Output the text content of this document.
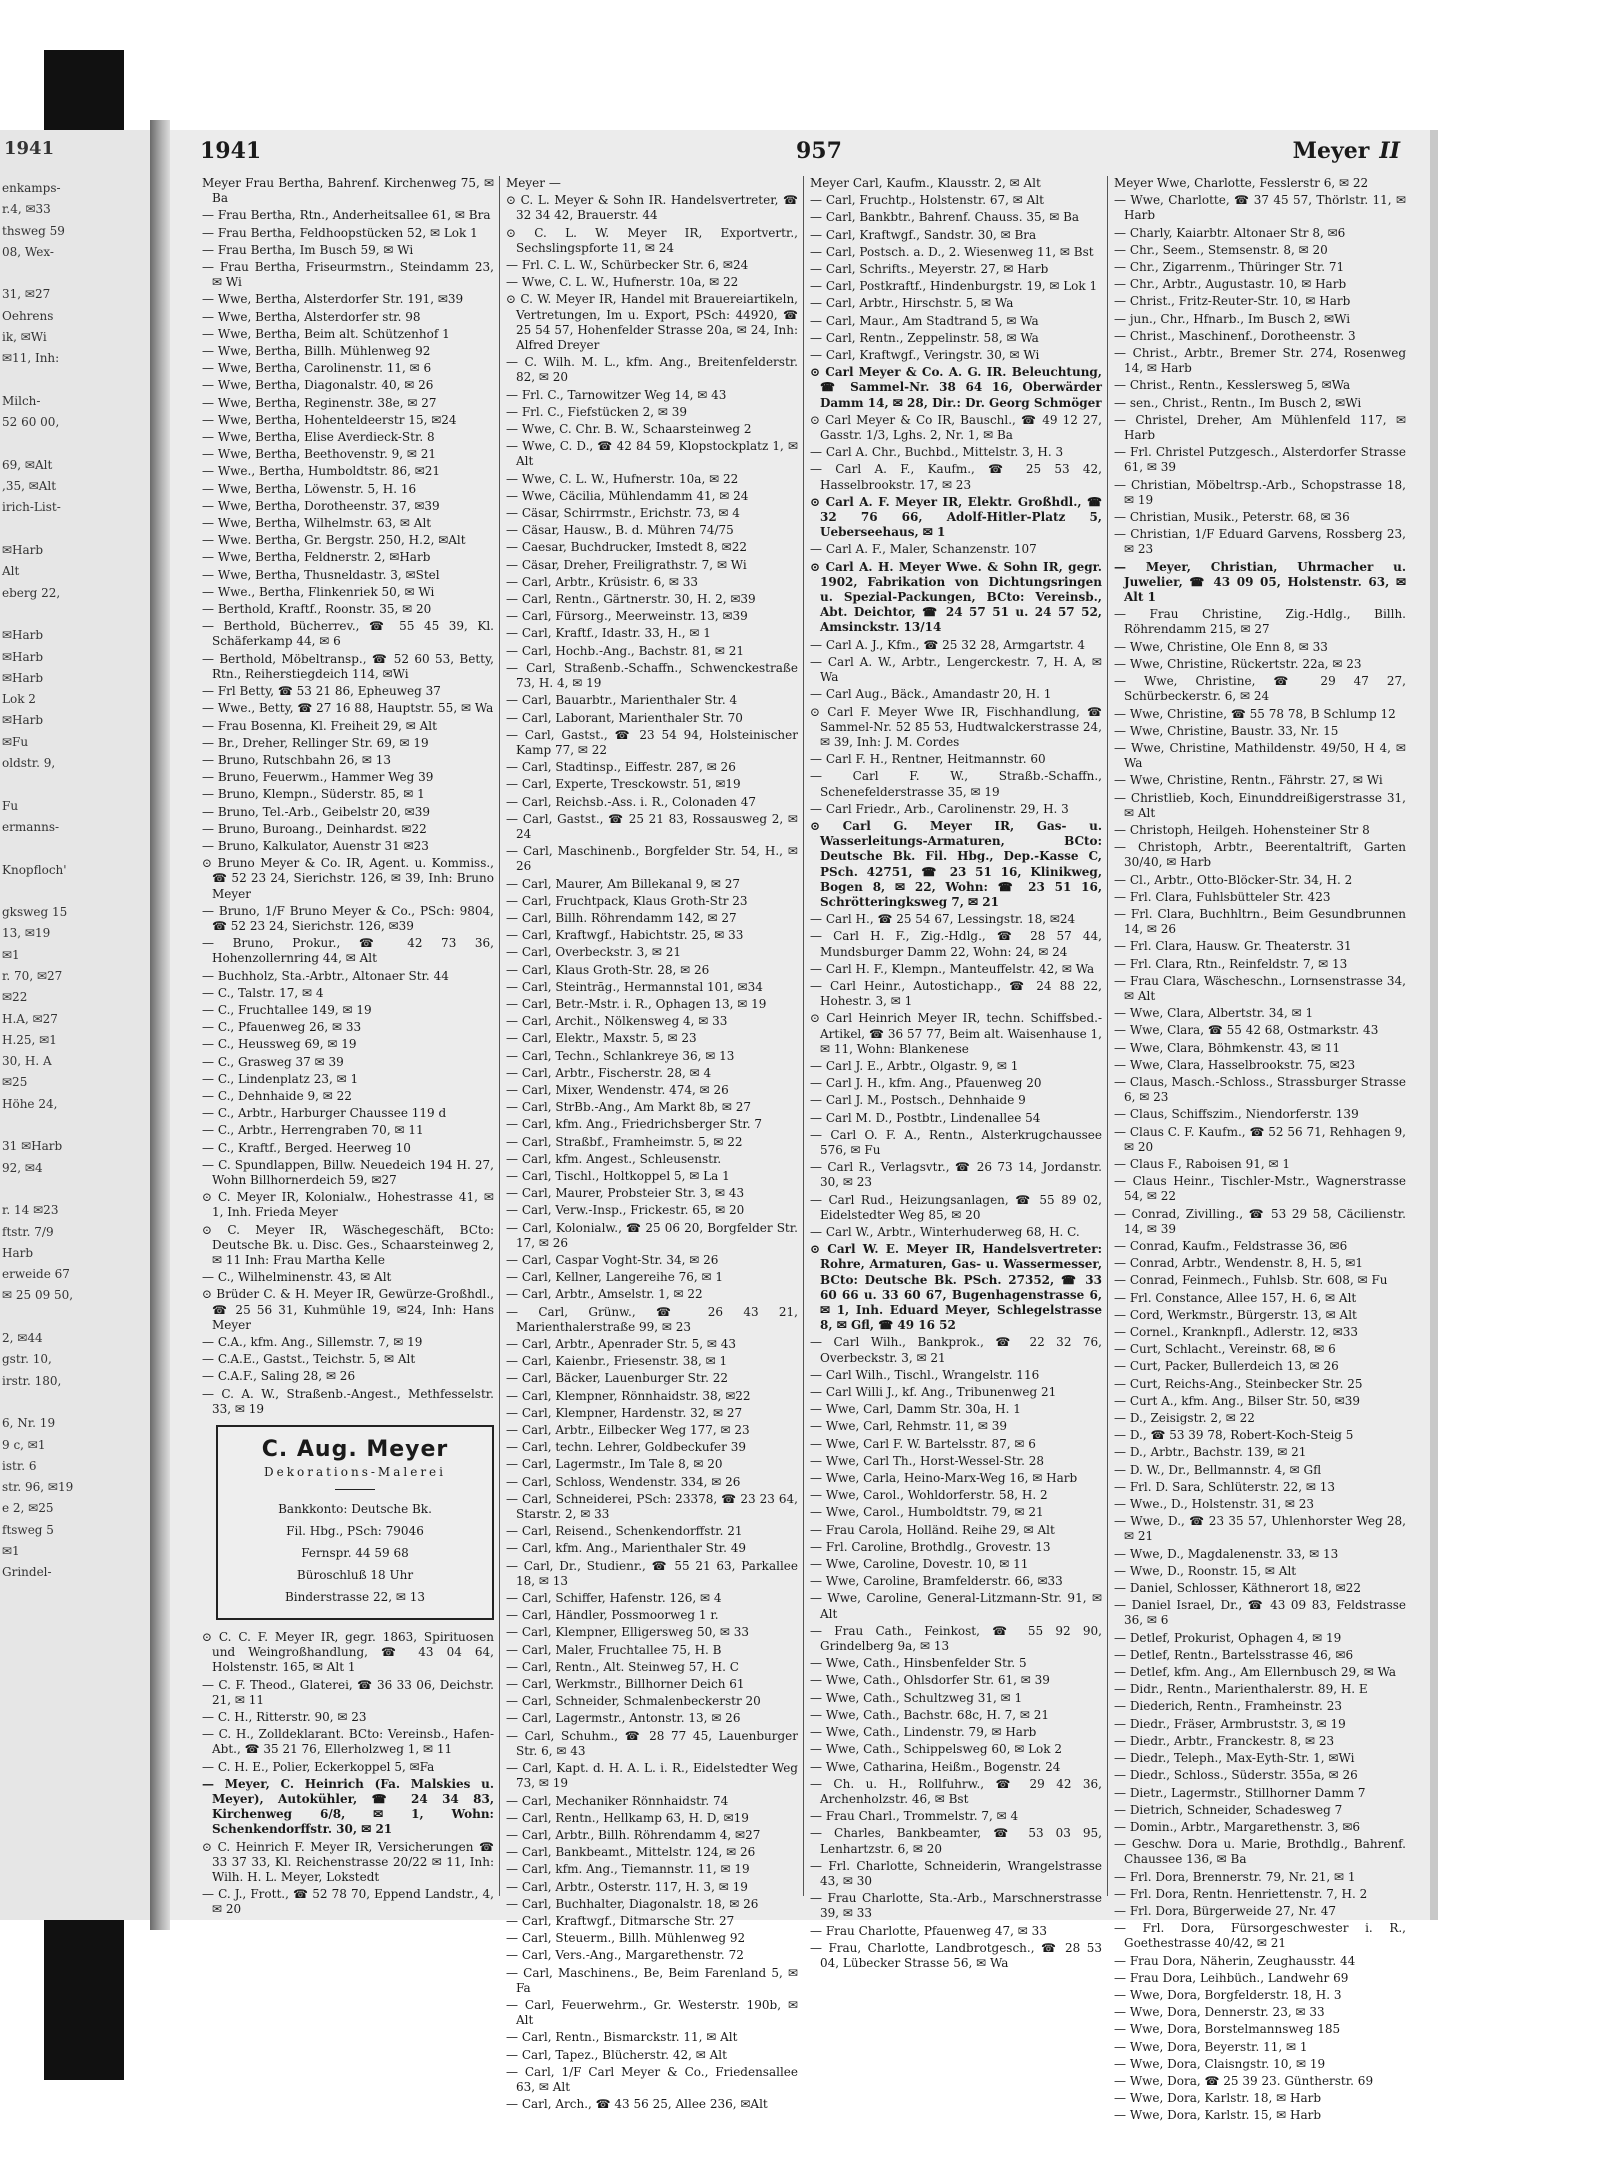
1941
enkamps-
r.4, ✉33
thsweg 59
08, Wex-

31, ✉27
Oehrens
ik, ✉Wi
✉11, Inh:

Milch-
52 60 00,

69, ✉Alt
,35, ✉Alt
irich-List-

✉Harb
Alt
eberg 22,

✉Harb
✉Harb
✉Harb
Lok 2
✉Harb
✉Fu
oldstr. 9,

Fu
ermanns-

Knopfloch'

gksweg 15
13, ✉19
✉1
r. 70, ✉27
✉22
H.A, ✉27
H.25, ✉1
30, H. A
✉25
Höhe 24,

31 ✉Harb
92, ✉4

r. 14 ✉23
ftstr. 7/9
Harb
erweide 67
✉ 25 09 50,

2, ✉44
gstr. 10,
irstr. 180,

6, Nr. 19
9 c, ✉1
istr. 6
str. 96, ✉19
e 2, ✉25
ftsweg 5
✉1
Grindel-
1941	957	Meyer II
Meyer Frau Bertha, Bahrenf. Kirchenweg 75, ✉ Ba
— Frau Bertha, Rtn., Anderheitsallee 61, ✉ Bra
— Frau Bertha, Feldhoopstücken 52, ✉ Lok 1
— Frau Bertha, Im Busch 59, ✉ Wi
— Frau Bertha, Friseurmstrn., Steindamm 23, ✉ Wi
— Wwe, Bertha, Alsterdorfer Str. 191, ✉39
— Wwe, Bertha, Alsterdorfer str. 98
— Wwe, Bertha, Beim alt. Schützenhof 1
— Wwe, Bertha, Billh. Mühlenweg 92
— Wwe, Bertha, Carolinenstr. 11, ✉ 6
— Wwe, Bertha, Diagonalstr. 40, ✉ 26
— Wwe, Bertha, Reginenstr. 38e, ✉ 27
— Wwe, Bertha, Hohenteldeerstr 15, ✉24
— Wwe, Bertha, Elise Averdieck-Str. 8
— Wwe, Bertha, Beethovenstr. 9, ✉ 21
— Wwe., Bertha, Humboldtstr. 86, ✉21
— Wwe, Bertha, Löwenstr. 5, H. 16
— Wwe, Bertha, Dorotheenstr. 37, ✉39
— Wwe, Bertha, Wilhelmstr. 63, ✉ Alt
— Wwe. Bertha, Gr. Bergstr. 250, H.2, ✉Alt
— Wwe, Bertha, Feldnerstr. 2, ✉Harb
— Wwe, Bertha, Thusneldastr. 3, ✉Stel
— Wwe., Bertha, Flinkenriek 50, ✉ Wi
— Berthold, Kraftf., Roonstr. 35, ✉ 20
— Berthold, Bücherrev., ☎ 55 45 39, Kl. Schäferkamp 44, ✉ 6
— Berthold, Möbeltransp., ☎ 52 60 53, Betty, Rtn., Reiherstiegdeich 114, ✉Wi
— Frl Betty, ☎ 53 21 86, Epheuweg 37
— Wwe., Betty, ☎ 27 16 88, Hauptstr. 55, ✉ Wa
— Frau Bosenna, Kl. Freiheit 29, ✉ Alt
— Br., Dreher, Rellinger Str. 69, ✉ 19
— Bruno, Rutschbahn 26, ✉ 13
— Bruno, Feuerwm., Hammer Weg 39
— Bruno, Klempn., Süderstr. 85, ✉ 1
— Bruno, Tel.-Arb., Geibelstr 20, ✉39
— Bruno, Buroang., Deinhardst. ✉22
— Bruno, Kalkulator, Auenstr 31 ✉23
⊙ Bruno Meyer & Co. IR, Agent. u. Kommiss., ☎ 52 23 24, Sierichstr. 126, ✉ 39, Inh: Bruno Meyer
— Bruno, 1/F Bruno Meyer & Co., PSch: 9804, ☎ 52 23 24, Sierichstr. 126, ✉39
— Bruno, Prokur., ☎ 42 73 36, Hohenzollernring 44, ✉ Alt
— Buchholz, Sta.-Arbtr., Altonaer Str. 44
— C., Talstr. 17, ✉ 4
— C., Fruchtallee 149, ✉ 19
— C., Pfauenweg 26, ✉ 33
— C., Heussweg 69, ✉ 19
— C., Grasweg 37 ✉ 39
— C., Lindenplatz 23, ✉ 1
— C., Dehnhaide 9, ✉ 22
— C., Arbtr., Harburger Chaussee 119 d
— C., Arbtr., Herrengraben 70, ✉ 11
— C., Kraftf., Berged. Heerweg 10
— C. Spundlappen, Billw. Neuedeich 194 H. 27, Wohn Billhornerdeich 59, ✉27
⊙ C. Meyer IR, Kolonialw., Hohestrasse 41, ✉ 1, Inh. Frieda Meyer
⊙ C. Meyer IR, Wäschegeschäft, BCto: Deutsche Bk. u. Disc. Ges., Schaarsteinweg 2, ✉ 11 Inh: Frau Martha Kelle
— C., Wilhelminenstr. 43, ✉ Alt
⊙ Brüder C. & H. Meyer IR, Gewürze-Großhdl., ☎ 25 56 31, Kuhmühle 19, ✉24, Inh: Hans Meyer
— C.A., kfm. Ang., Sillemstr. 7, ✉ 19
— C.A.E., Gastst., Teichstr. 5, ✉ Alt
— C.A.F., Saling 28, ✉ 26
— C. A. W., Straßenb.-Angest., Methfesselstr. 33, ✉ 19
C. Aug. Meyer
Dekorations-Malerei
Bankkonto: Deutsche Bk.
Fil. Hbg., PSch: 79046
Fernspr. 44 59 68
Büroschluß 18 Uhr
Binderstrasse 22, ✉ 13
⊙ C. C. F. Meyer IR, gegr. 1863, Spirituosen und Weingroßhandlung, ☎ 43 04 64, Holstenstr. 165, ✉ Alt 1
— C. F. Theod., Glaterei, ☎ 36 33 06, Deichstr. 21, ✉ 11
— C. H., Ritterstr. 90, ✉ 23
— C. H., Zolldeklarant. BCto: Vereinsb., Hafen-Abt., ☎ 35 21 76, Ellerholzweg 1, ✉ 11
— C. H. E., Polier, Eckerkoppel 5, ✉Fa
— Meyer, C. Heinrich (Fa. Malskies u. Meyer), Autokühler, ☎ 24 34 83, Kirchenweg 6/8, ✉ 1, Wohn: Schenkendorffstr. 30, ✉ 21
⊙ C. Heinrich F. Meyer IR, Versicherungen ☎ 33 37 33, Kl. Reichenstrasse 20/22 ✉ 11, Inh: Wilh. H. L. Meyer, Lokstedt
— C. J., Frott., ☎ 52 78 70, Eppend Landstr., 4, ✉ 20
Meyer —
⊙ C. L. Meyer & Sohn IR. Handelsvertreter, ☎ 32 34 42, Brauerstr. 44
⊙ C. L. W. Meyer IR, Exportvertr., Sechslingspforte 11, ✉ 24
— Frl. C. L. W., Schürbecker Str. 6, ✉24
— Wwe, C. L. W., Hufnerstr. 10a, ✉ 22
⊙ C. W. Meyer IR, Handel mit Brauereiartikeln, Vertretungen, Im u. Export, PSch: 44920, ☎ 25 54 57, Hohenfelder Strasse 20a, ✉ 24, Inh: Alfred Dreyer
— C. Wilh. M. L., kfm. Ang., Breitenfelderstr. 82, ✉ 20
— Frl. C., Tarnowitzer Weg 14, ✉ 43
— Frl. C., Fiefstücken 2, ✉ 39
— Wwe, C. Chr. B. W., Schaarsteinweg 2
— Wwe, C. D., ☎ 42 84 59, Klopstockplatz 1, ✉ Alt
— Wwe, C. L. W., Hufnerstr. 10a, ✉ 22
— Wwe, Cäcilia, Mühlendamm 41, ✉ 24
— Cäsar, Schirrmstr., Erichstr. 73, ✉ 4
— Cäsar, Hausw., B. d. Mühren 74/75
— Caesar, Buchdrucker, Imstedt 8, ✉22
— Cäsar, Dreher, Freiligrathstr. 7, ✉ Wi
— Carl, Arbtr., Krüsistr. 6, ✉ 33
— Carl, Rentn., Gärtnerstr. 30, H. 2, ✉39
— Carl, Fürsorg., Meerweinstr. 13, ✉39
— Carl, Kraftf., Idastr. 33, H., ✉ 1
— Carl, Hochb.-Ang., Bachstr. 81, ✉ 21
— Carl, Straßenb.-Schaffn., Schwenckestraße 73, H. 4, ✉ 19
— Carl, Bauarbtr., Marienthaler Str. 4
— Carl, Laborant, Marienthaler Str. 70
— Carl, Gastst., ☎ 23 54 94, Holsteinischer Kamp 77, ✉ 22
— Carl, Stadtinsp., Eiffestr. 287, ✉ 26
— Carl, Experte, Tresckowstr. 51, ✉19
— Carl, Reichsb.-Ass. i. R., Colonaden 47
— Carl, Gastst., ☎ 25 21 83, Rossausweg 2, ✉ 24
— Carl, Maschinenb., Borgfelder Str. 54, H., ✉ 26
— Carl, Maurer, Am Billekanal 9, ✉ 27
— Carl, Fruchtpack, Klaus Groth-Str 23
— Carl, Billh. Röhrendamm 142, ✉ 27
— Carl, Kraftwgf., Habichtstr. 25, ✉ 33
— Carl, Overbeckstr. 3, ✉ 21
— Carl, Klaus Groth-Str. 28, ✉ 26
— Carl, Steintrāg., Hermannstal 101, ✉34
— Carl, Betr.-Mstr. i. R., Ophagen 13, ✉ 19
— Carl, Archit., Nölkensweg 4, ✉ 33
— Carl, Elektr., Maxstr. 5, ✉ 23
— Carl, Techn., Schlankreye 36, ✉ 13
— Carl, Arbtr., Fischerstr. 28, ✉ 4
— Carl, Mixer, Wendenstr. 474, ✉ 26
— Carl, StrBb.-Ang., Am Markt 8b, ✉ 27
— Carl, kfm. Ang., Friedrichsberger Str. 7
— Carl, Straßbf., Framheimstr. 5, ✉ 22
— Carl, kfm. Angest., Schleusenstr.
— Carl, Tischl., Holtkoppel 5, ✉ La 1
— Carl, Maurer, Probsteier Str. 3, ✉ 43
— Carl, Verw.-Insp., Frickestr. 65, ✉ 20
— Carl, Kolonialw., ☎ 25 06 20, Borgfelder Str. 17, ✉ 26
— Carl, Caspar Voght-Str. 34, ✉ 26
— Carl, Kellner, Langereihe 76, ✉ 1
— Carl, Arbtr., Amselstr. 1, ✉ 22
— Carl, Grünw., ☎ 26 43 21, Marienthalerstraße 99, ✉ 23
— Carl, Arbtr., Apenrader Str. 5, ✉ 43
— Carl, Kaienbr., Friesenstr. 38, ✉ 1
— Carl, Bäcker, Lauenburger Str. 22
— Carl, Klempner, Rönnhaidstr. 38, ✉22
— Carl, Klempner, Hardenstr. 32, ✉ 27
— Carl, Arbtr., Eilbecker Weg 177, ✉ 23
— Carl, techn. Lehrer, Goldbeckufer 39
— Carl, Lagermstr., Im Tale 8, ✉ 20
— Carl, Schloss, Wendenstr. 334, ✉ 26
— Carl, Schneiderei, PSch: 23378, ☎ 23 23 64, Starstr. 2, ✉ 33
— Carl, Reisend., Schenkendorffstr. 21
— Carl, kfm. Ang., Marienthaler Str. 49
— Carl, Dr., Studienr., ☎ 55 21 63, Parkallee 18, ✉ 13
— Carl, Schiffer, Hafenstr. 126, ✉ 4
— Carl, Händler, Possmoorweg 1 r.
— Carl, Klempner, Elligersweg 50, ✉ 33
— Carl, Maler, Fruchtallee 75, H. B
— Carl, Rentn., Alt. Steinweg 57, H. C
— Carl, Werkmstr., Billhorner Deich 61
— Carl, Schneider, Schmalenbeckerstr 20
— Carl, Lagermstr., Antonstr. 13, ✉ 26
— Carl, Schuhm., ☎ 28 77 45, Lauenburger Str. 6, ✉ 43
— Carl, Kapt. d. H. A. L. i. R., Eidelstedter Weg 73, ✉ 19
— Carl, Mechaniker Rönnhaidstr. 74
— Carl, Rentn., Hellkamp 63, H. D, ✉19
— Carl, Arbtr., Billh. Röhrendamm 4, ✉27
— Carl, Bankbeamt., Mittelstr. 124, ✉ 26
— Carl, kfm. Ang., Tiemannstr. 11, ✉ 19
— Carl, Arbtr., Osterstr. 117, H. 3, ✉ 19
— Carl, Buchhalter, Diagonalstr. 18, ✉ 26
— Carl, Kraftwgf., Ditmarsche Str. 27
— Carl, Steuerm., Billh. Mühlenweg 92
— Carl, Vers.-Ang., Margarethenstr. 72
— Carl, Maschinens., Be, Beim Farenland 5, ✉ Fa
— Carl, Feuerwehrm., Gr. Westerstr. 190b, ✉ Alt
— Carl, Rentn., Bismarckstr. 11, ✉ Alt
— Carl, Tapez., Blücherstr. 42, ✉ Alt
— Carl, 1/F Carl Meyer & Co., Friedensallee 63, ✉ Alt
— Carl, Arch., ☎ 43 56 25, Allee 236, ✉Alt
Meyer Carl, Kaufm., Klausstr. 2, ✉ Alt
— Carl, Fruchtp., Holstenstr. 67, ✉ Alt
— Carl, Bankbtr., Bahrenf. Chauss. 35, ✉ Ba
— Carl, Kraftwgf., Sandstr. 30, ✉ Bra
— Carl, Postsch. a. D., 2. Wiesenweg 11, ✉ Bst
— Carl, Schrifts., Meyerstr. 27, ✉ Harb
— Carl, Postkraftf., Hindenburgstr. 19, ✉ Lok 1
— Carl, Arbtr., Hirschstr. 5, ✉ Wa
— Carl, Maur., Am Stadtrand 5, ✉ Wa
— Carl, Rentn., Zeppelinstr. 58, ✉ Wa
— Carl, Kraftwgf., Veringstr. 30, ✉ Wi
⊙ Carl Meyer & Co. A. G. IR. Beleuchtung, ☎ Sammel-Nr. 38 64 16, Oberwärder Damm 14, ✉ 28, Dir.: Dr. Georg Schmöger
⊙ Carl Meyer & Co IR, Bauschl., ☎ 49 12 27, Gasstr. 1/3, Lghs. 2, Nr. 1, ✉ Ba
— Carl A. Chr., Buchbd., Mittelstr. 3, H. 3
— Carl A. F., Kaufm., ☎ 25 53 42, Hasselbrookstr. 17, ✉ 23
⊙ Carl A. F. Meyer IR, Elektr. Großhdl., ☎ 32 76 66, Adolf-Hitler-Platz 5, Ueberseehaus, ✉ 1
— Carl A. F., Maler, Schanzenstr. 107
⊙ Carl A. H. Meyer Wwe. & Sohn IR, gegr. 1902, Fabrikation von Dichtungsringen u. Spezial-Packungen, BCto: Vereinsb., Abt. Deichtor, ☎ 24 57 51 u. 24 57 52, Amsinckstr. 13/14
— Carl A. J., Kfm., ☎ 25 32 28, Armgartstr. 4
— Carl A. W., Arbtr., Lengerckestr. 7, H. A, ✉ Wa
— Carl Aug., Bäck., Amandastr 20, H. 1
⊙ Carl F. Meyer Wwe IR, Fischhandlung, ☎ Sammel-Nr. 52 85 53, Hudtwalckerstrasse 24, ✉ 39, Inh: J. M. Cordes
— Carl F. H., Rentner, Heitmannstr. 60
— Carl F. W., Straßb.-Schaffn., Schenefelderstrasse 35, ✉ 19
— Carl Friedr., Arb., Carolinenstr. 29, H. 3
⊙ Carl G. Meyer IR, Gas- u. Wasserleitungs-Armaturen, BCto: Deutsche Bk. Fil. Hbg., Dep.-Kasse C, PSch. 42751, ☎ 23 51 16, Klinikweg, Bogen 8, ✉ 22, Wohn: ☎ 23 51 16, Schrötteringksweg 7, ✉ 21
— Carl H., ☎ 25 54 67, Lessingstr. 18, ✉24
— Carl H. F., Zig.-Hdlg., ☎ 28 57 44, Mundsburger Damm 22, Wohn: 24, ✉ 24
— Carl H. F., Klempn., Manteuffelstr. 42, ✉ Wa
— Carl Heinr., Autostichapp., ☎ 24 88 22, Hohestr. 3, ✉ 1
⊙ Carl Heinrich Meyer IR, techn. Schiffsbed.-Artikel, ☎ 36 57 77, Beim alt. Waisenhause 1, ✉ 11, Wohn: Blankenese
— Carl J. E., Arbtr., Olgastr. 9, ✉ 1
— Carl J. H., kfm. Ang., Pfauenweg 20
— Carl J. M., Postsch., Dehnhaide 9
— Carl M. D., Postbtr., Lindenallee 54
— Carl O. F. A., Rentn., Alsterkrugchaussee 576, ✉ Fu
— Carl R., Verlagsvtr., ☎ 26 73 14, Jordanstr. 30, ✉ 23
— Carl Rud., Heizungsanlagen, ☎ 55 89 02, Eidelstedter Weg 85, ✉ 20
— Carl W., Arbtr., Winterhuderweg 68, H. C.
⊙ Carl W. E. Meyer IR, Handelsvertreter: Rohre, Armaturen, Gas- u. Wassermesser, BCto: Deutsche Bk. PSch. 27352, ☎ 33 60 66 u. 33 60 67, Bugenhagenstrasse 6, ✉ 1, Inh. Eduard Meyer, Schlegelstrasse 8, ✉ Gfl, ☎ 49 16 52
— Carl Wilh., Bankprok., ☎ 22 32 76, Overbeckstr. 3, ✉ 21
— Carl Wilh., Tischl., Wrangelstr. 116
— Carl Willi J., kf. Ang., Tribunenweg 21
— Wwe, Carl, Damm Str. 30a, H. 1
— Wwe, Carl, Rehmstr. 11, ✉ 39
— Wwe, Carl F. W. Bartelsstr. 87, ✉ 6
— Wwe, Carl Th., Horst-Wessel-Str. 28
— Wwe, Carla, Heino-Marx-Weg 16, ✉ Harb
— Wwe, Carol., Wohldorferstr. 58, H. 2
— Wwe, Carol., Humboldtstr. 79, ✉ 21
— Frau Carola, Holländ. Reihe 29, ✉ Alt
— Frl. Caroline, Brothdlg., Grovestr. 13
— Wwe, Caroline, Dovestr. 10, ✉ 11
— Wwe, Caroline, Bramfelderstr. 66, ✉33
— Wwe, Caroline, General-Litzmann-Str. 91, ✉ Alt
— Frau Cath., Feinkost, ☎ 55 92 90, Grindelberg 9a, ✉ 13
— Wwe, Cath., Hinsbenfelder Str. 5
— Wwe, Cath., Ohlsdorfer Str. 61, ✉ 39
— Wwe, Cath., Schultzweg 31, ✉ 1
— Wwe, Cath., Bachstr. 68c, H. 7, ✉ 21
— Wwe, Cath., Lindenstr. 79, ✉ Harb
— Wwe, Cath., Schippelsweg 60, ✉ Lok 2
— Wwe, Catharina, Heißm., Bogenstr. 24
— Ch. u. H., Rollfuhrw., ☎ 29 42 36, Archenholzstr. 46, ✉ Bst
— Frau Charl., Trommelstr. 7, ✉ 4
— Charles, Bankbeamter, ☎ 53 03 95, Lenhartzstr. 6, ✉ 20
— Frl. Charlotte, Schneiderin, Wrangelstrasse 43, ✉ 30
— Frau Charlotte, Sta.-Arb., Marschnerstrasse 39, ✉ 33
— Frau Charlotte, Pfauenweg 47, ✉ 33
— Frau, Charlotte, Landbrotgesch., ☎ 28 53 04, Lübecker Strasse 56, ✉ Wa
Meyer Wwe, Charlotte, Fesslerstr 6, ✉ 22
— Wwe, Charlotte, ☎ 37 45 57, Thörlstr. 11, ✉ Harb
— Charly, Kaiarbtr. Altonaer Str 8, ✉6
— Chr., Seem., Stemsenstr. 8, ✉ 20
— Chr., Zigarrenm., Thüringer Str. 71
— Chr., Arbtr., Augustastr. 10, ✉ Harb
— Christ., Fritz-Reuter-Str. 10, ✉ Harb
— jun., Chr., Hfnarb., Im Busch 2, ✉Wi
— Christ., Maschinenf., Dorotheenstr. 3
— Christ., Arbtr., Bremer Str. 274, Rosenweg 14, ✉ Harb
— Christ., Rentn., Kesslersweg 5, ✉Wa
— sen., Christ., Rentn., Im Busch 2, ✉Wi
— Christel, Dreher, Am Mühlenfeld 117, ✉ Harb
— Frl. Christel Putzgesch., Alsterdorfer Strasse 61, ✉ 39
— Christian, Möbeltrsp.-Arb., Schopstrasse 18, ✉ 19
— Christian, Musik., Peterstr. 68, ✉ 36
— Christian, 1/F Eduard Garvens, Rossberg 23, ✉ 23
— Meyer, Christian, Uhrmacher u. Juwelier, ☎ 43 09 05, Holstenstr. 63, ✉ Alt 1
— Frau Christine, Zig.-Hdlg., Billh. Röhrendamm 215, ✉ 27
— Wwe, Christine, Ole Enn 8, ✉ 33
— Wwe, Christine, Rückertstr. 22a, ✉ 23
— Wwe, Christine, ☎ 29 47 27, Schürbeckerstr. 6, ✉ 24
— Wwe, Christine, ☎ 55 78 78, B Schlump 12
— Wwe, Christine, Baustr. 33, Nr. 15
— Wwe, Christine, Mathildenstr. 49/50, H 4, ✉ Wa
— Wwe, Christine, Rentn., Fährstr. 27, ✉ Wi
— Christlieb, Koch, Einunddreißigerstrasse 31, ✉ Alt
— Christoph, Heilgeh. Hohensteiner Str 8
— Christoph, Arbtr., Beerentaltrift, Garten 30/40, ✉ Harb
— Cl., Arbtr., Otto-Blöcker-Str. 34, H. 2
— Frl. Clara, Fuhlsbütteler Str. 423
— Frl. Clara, Buchhltrn., Beim Gesundbrunnen 14, ✉ 26
— Frl. Clara, Hausw. Gr. Theaterstr. 31
— Frl. Clara, Rtn., Reinfeldstr. 7, ✉ 13
— Frau Clara, Wäscheschn., Lornsenstrasse 34, ✉ Alt
— Wwe, Clara, Albertstr. 34, ✉ 1
— Wwe, Clara, ☎ 55 42 68, Ostmarkstr. 43
— Wwe, Clara, Böhmkenstr. 43, ✉ 11
— Wwe, Clara, Hasselbrookstr. 75, ✉23
— Claus, Masch.-Schloss., Strassburger Strasse 6, ✉ 23
— Claus, Schiffszim., Niendorferstr. 139
— Claus C. F. Kaufm., ☎ 52 56 71, Rehhagen 9, ✉ 20
— Claus F., Raboisen 91, ✉ 1
— Claus Heinr., Tischler-Mstr., Wagnerstrasse 54, ✉ 22
— Conrad, Zivilling., ☎ 53 29 58, Cäcilienstr. 14, ✉ 39
— Conrad, Kaufm., Feldstrasse 36, ✉6
— Conrad, Arbtr., Wendenstr. 8, H. 5, ✉1
— Conrad, Feinmech., Fuhlsb. Str. 608, ✉ Fu
— Frl. Constance, Allee 157, H. 6, ✉ Alt
— Cord, Werkmstr., Bürgerstr. 13, ✉ Alt
— Cornel., Kranknpfl., Adlerstr. 12, ✉33
— Curt, Schlacht., Vereinstr. 68, ✉ 6
— Curt, Packer, Bullerdeich 13, ✉ 26
— Curt, Reichs-Ang., Steinbecker Str. 25
— Curt A., kfm. Ang., Bilser Str. 50, ✉39
— D., Zeisigstr. 2, ✉ 22
— D., ☎ 53 39 78, Robert-Koch-Steig 5
— D., Arbtr., Bachstr. 139, ✉ 21
— D. W., Dr., Bellmannstr. 4, ✉ Gfl
— Frl. D. Sara, Schlüterstr. 22, ✉ 13
— Wwe., D., Holstenstr. 31, ✉ 23
— Wwe, D., ☎ 23 35 57, Uhlenhorster Weg 28, ✉ 21
— Wwe, D., Magdalenenstr. 33, ✉ 13
— Wwe, D., Roonstr. 15, ✉ Alt
— Daniel, Schlosser, Käthnerort 18, ✉22
— Daniel Israel, Dr., ☎ 43 09 83, Feldstrasse 36, ✉ 6
— Detlef, Prokurist, Ophagen 4, ✉ 19
— Detlef, Rentn., Bartelsstrasse 46, ✉6
— Detlef, kfm. Ang., Am Ellernbusch 29, ✉ Wa
— Didr., Rentn., Marienthalerstr. 89, H. E
— Diederich, Rentn., Framheinstr. 23
— Diedr., Fräser, Armbruststr. 3, ✉ 19
— Diedr., Arbtr., Franckestr. 8, ✉ 23
— Diedr., Teleph., Max-Eyth-Str. 1, ✉Wi
— Diedr., Schloss., Süderstr. 355a, ✉ 26
— Dietr., Lagermstr., Stillhorner Damm 7
— Dietrich, Schneider, Schadesweg 7
— Domin., Arbtr., Margarethenstr. 3, ✉6
— Geschw. Dora u. Marie, Brothdlg., Bahrenf. Chaussee 136, ✉ Ba
— Frl. Dora, Brennerstr. 79, Nr. 21, ✉ 1
— Frl. Dora, Rentn. Henriettenstr. 7, H. 2
— Frl. Dora, Bürgerweide 27, Nr. 47
— Frl. Dora, Fürsorgeschwester i. R., Goethestrasse 40/42, ✉ 21
— Frau Dora, Näherin, Zeughausstr. 44
— Frau Dora, Leihbüch., Landwehr 69
— Wwe, Dora, Borgfelderstr. 18, H. 3
— Wwe, Dora, Dennerstr. 23, ✉ 33
— Wwe, Dora, Borstelmannsweg 185
— Wwe, Dora, Beyerstr. 11, ✉ 1
— Wwe, Dora, Claisngstr. 10, ✉ 19
— Wwe, Dora, ☎ 25 39 23. Güntherstr. 69
— Wwe, Dora, Karlstr. 18, ✉ Harb
— Wwe, Dora, Karlstr. 15, ✉ Harb
